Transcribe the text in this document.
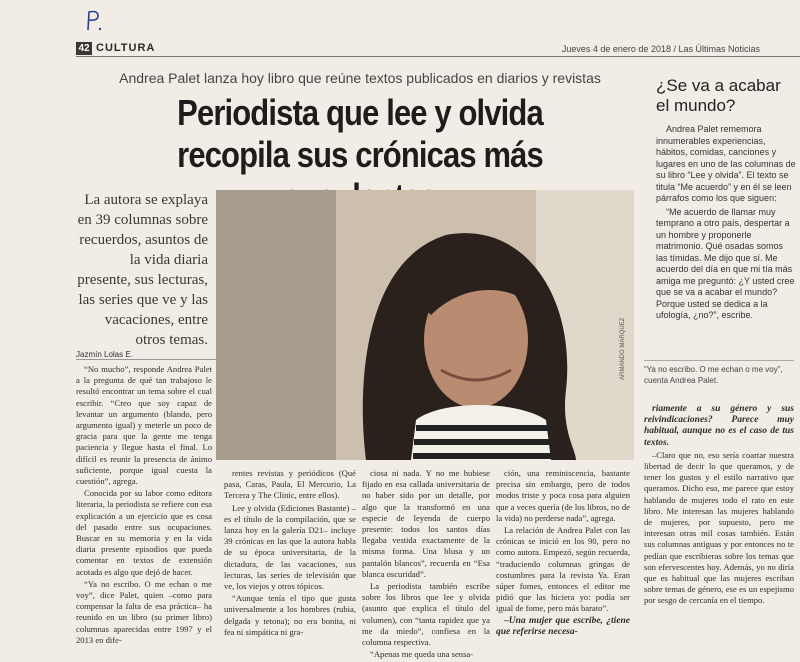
42 CULTURA	Jueves 4 de enero de 2018 / Las Últimas Noticias
Andrea Palet lanza hoy libro que reúne textos publicados en diarios y revistas
Periodista que lee y olvida recopila sus crónicas más
La autora se explaya en 39 columnas sobre recuerdos, asuntos de la vida diaria presente, sus lecturas, las series que ve y las vacaciones, entre otros temas.
Jazmín Lolas E.	ARMANDO MARQUEZ
¿Se va a acabar el mundo?

Andrea Palet rememora innumerables experiencias, hábitos, comidas, canciones y lugares en uno de las columnas de su libro “Lee y olvida”. El texto se titula “Me acuerdo” y en él se leen párrafos como los que siguen:

“Me acuerdo de llamar muy temprano a otro país, despertar a un hombre y proponerle matrimonio. Qué osadas somos las tímidas. Me dijo que sí. Me acuerdo del día en que mi tía más amiga me preguntó: ¿Y usted cree que se va a acabar el mundo? Porque usted se dedica a la ufología, ¿no?”, escribe.

“Ya no escribo. O me echan o me voy”, cuenta Andrea Palet.

“No mucho”, responde Andrea Palet a la pregunta de qué tan trabajoso le resultó encontrar un tema sobre el cual escribir. “Creo que soy capaz de levantar un argumento (blando, pero argumento igual) y meterle un poco de gracia para que la gente me tenga paciencia y llegue hasta el final. Lo difícil es reunir la presencia de ánimo suficiente, porque igual cuesta la cuestión”, agrega.

Conocida por su labor como editora literaria, la periodista se refiere con esa explicación a un ejercicio que es cosa del pasado entre sus ocupaciones. Buscar en su memoria y en la vida diaria presente episodios que pueda comentar en textos de extensión acotada es algo que dejó de hacer.

“Ya no escribo. O me echan o me voy”, dice Palet, quien –como para compensar la falta de esa práctica– ha reunido en un libro (su primer libro) columnas aparecidas entre 1997 y el 2013 en dife-

rentes revistas y periódicos (Qué pasa, Caras, Paula, El Mercurio, La Tercera y The Clinic, entre ellos).

Lee y olvida (Ediciones Bastante) –es el título de la compilación, que se lanza hoy en la galería D21– incluye 39 crónicas en las que la autora habla de su época universitaria, de la dictadura, de las vacaciones, sus lecturas, las series de televisión que ve, los viejos y otros tópicos.

“Aunque tenía el tipo que gusta universalmente a los hombres (rubia, delgada y tetona); no era bonita, ni fea ni simpática ni gra-

ciosa ni nada. Y no me hubiese fijado en esa callada universitaria de no haber sido por un detalle, por algo que la transformó en una especie de leyenda de cuerpo presente: todos los santos días llegaba vestida exactamente de la misma forma. Una blusa y un pantalón blancos”, recuerda en “Esa blanca oscuridad”.

La periodista también escribe sobre los libros que lee y olvida (asunto que explica el título del volumen), con “tanta rapidez que ya me da miedo”, confiesa en la columna respectiva.

“Apenas me queda una sensa-

ción, una reminiscencia, bastante precisa sin embargo, pero de todos modos triste y poca cosa para alguien que a veces quería (de los libros, no de la vida) no perderse nada”, agrega.

La relación de Andrea Palet con las crónicas se inició en los 90, pero no como autora. Empezó, según recuerda, “traduciendo columnas gringas de costumbres para la revista Ya. Eran súper fomes, entonces el editor me pidió que las hiciera yo: podía ser igual de fome, pero más barato”.

–Una mujer que escribe, ¿tiene que referirse necesa-

riamente a su género y sus reivindicaciones? Parece muy habitual, aunque no es el caso de tus textos.

–Claro que no, eso sería coartar nuestra libertad de decir lo que queramos, y de tener los gustos y el estilo narrativo que queramos. Dicho eso, me parece que estoy hablando de mujeres todo el rato en este libro. Me interesan las mujeres hablando de mujeres, por supuesto, pero me interesan otras mil cosas también. Están sus columnas antiguas y por entonces no te pedían que escribieras sobre los temas que son efervescentes hoy. Además, yo no diría que es habitual que las mujeres escriban sobre temas de género, ese es un espejismo por sesgo de cercanía en el tiempo.
